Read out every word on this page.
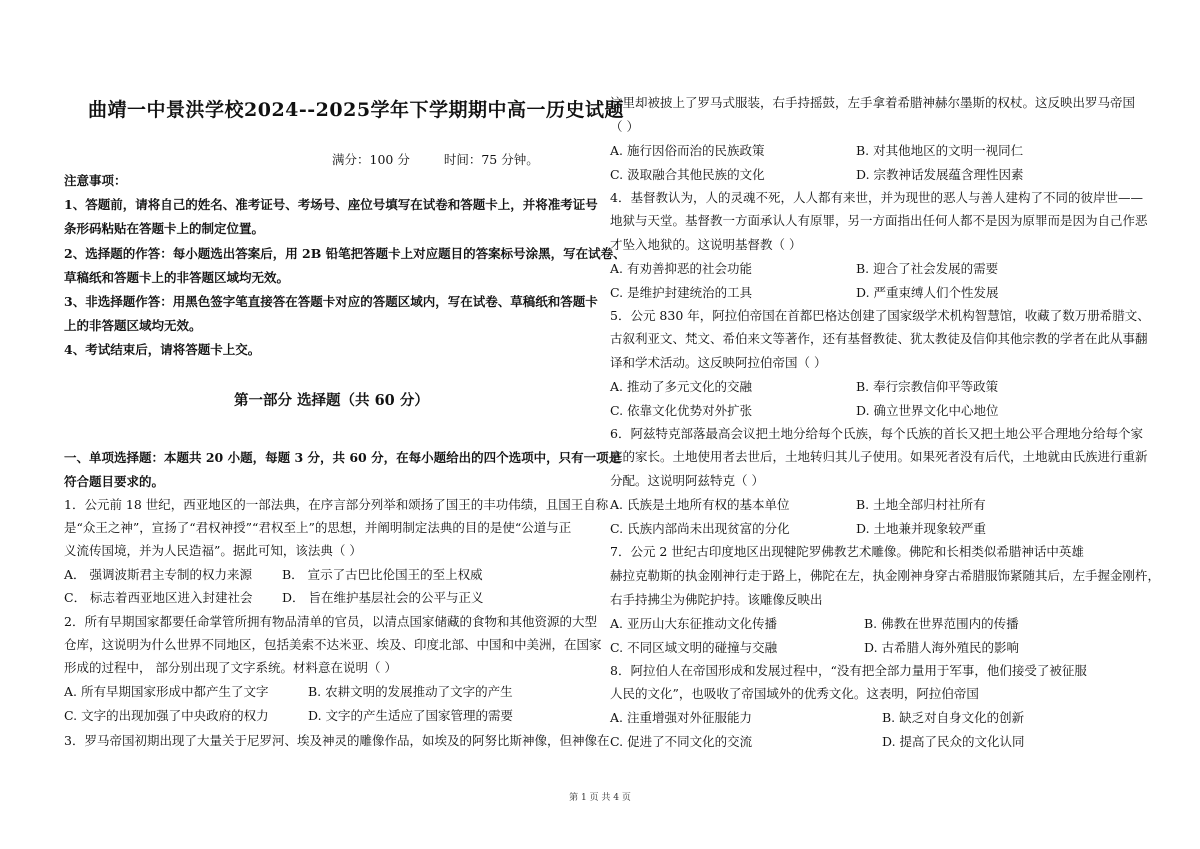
曲靖一中景洪学校2024--2025学年下学期期中高一历史试题
满分：100 分	时间：75 分钟。
注意事项：
1、答题前，请将自己的姓名、准考证号、考场号、座位号填写在试卷和答题卡上，并将准考证号
条形码粘贴在答题卡上的制定位置。
2、选择题的作答：每小题选出答案后，用 2B 铅笔把答题卡上对应题目的答案标号涂黑，写在试卷、
草稿纸和答题卡上的非答题区域均无效。
3、非选择题作答：用黑色签字笔直接答在答题卡对应的答题区域内，写在试卷、草稿纸和答题卡
上的非答题区域均无效。
4、考试结束后，请将答题卡上交。
第一部分 选择题（共 60 分）
一、单项选择题：本题共 20 小题，每题 3 分，共 60 分，在每小题给出的四个选项中，只有一项是
符合题目要求的。
1．公元前 18 世纪，西亚地区的一部法典，在序言部分列举和颂扬了国王的丰功伟绩，且国王自称
是“众王之神”，宣扬了“君权神授”“君权至上”的思想，并阐明制定法典的目的是使“公道与正
义流传国境，并为人民造福”。据此可知，该法典（ ）
A． 强调波斯君主专制的权力来源 B． 宣示了古巴比伦国王的至上权威
C． 标志着西亚地区进入封建社会 D． 旨在维护基层社会的公平与正义
2．所有早期国家都要任命掌管所拥有物品清单的官员，以清点国家储藏的食物和其他资源的大型
仓库，这说明为什么世界不同地区，包括美索不达米亚、埃及、印度北部、中国和中美洲，在国家
形成的过程中， 部分别出现了文字系统。材料意在说明（ ）
A. 所有早期国家形成中都产生了文字	B. 农耕文明的发展推动了文字的产生
C. 文字的出现加强了中央政府的权力	D. 文字的产生适应了国家管理的需要
3．罗马帝国初期出现了大量关于尼罗河、埃及神灵的雕像作品，如埃及的阿努比斯神像，但神像在
这里却被披上了罗马式服装，右手持摇鼓，左手拿着希腊神赫尔墨斯的权杖。这反映出罗马帝国
（ ）
A. 施行因俗而治的民族政策	B. 对其他地区的文明一视同仁
C. 汲取融合其他民族的文化	D. 宗教神话发展蕴含理性因素
4．基督教认为，人的灵魂不死，人人都有来世，并为现世的恶人与善人建构了不同的彼岸世——
地狱与天堂。基督教一方面承认人有原罪，另一方面指出任何人都不是因为原罪而是因为自己作恶
才坠入地狱的。这说明基督教（ ）
A. 有劝善抑恶的社会功能	B. 迎合了社会发展的需要
C. 是维护封建统治的工具	D. 严重束缚人们个性发展
5．公元 830 年，阿拉伯帝国在首都巴格达创建了国家级学术机构智慧馆，收藏了数万册希腊文、
古叙利亚文、梵文、希伯来文等著作，还有基督教徒、犹太教徒及信仰其他宗教的学者在此从事翻
译和学术活动。这反映阿拉伯帝国（ ）
A. 推动了多元文化的交融	B. 奉行宗教信仰平等政策
C. 依靠文化优势对外扩张	D. 确立世界文化中心地位
6．阿兹特克部落最高会议把土地分给每个氏族，每个氏族的首长又把土地公平合理地分给每个家
庭的家长。土地使用者去世后，土地转归其儿子使用。如果死者没有后代，土地就由氏族进行重新
分配。这说明阿兹特克（ ）
A. 氏族是土地所有权的基本单位	B. 土地全部归村社所有
C. 氏族内部尚未出现贫富的分化	D. 土地兼并现象较严重
7．公元 2 世纪古印度地区出现犍陀罗佛教艺术雕像。佛陀和长相类似希腊神话中英雄
赫拉克勒斯的执金刚神行走于路上，佛陀在左，执金刚神身穿古希腊服饰紧随其后，左手握金刚杵，
右手持拂尘为佛陀护持。该雕像反映出
A. 亚历山大东征推动文化传播	B. 佛教在世界范围内的传播
C. 不同区域文明的碰撞与交融	D. 古希腊人海外殖民的影响
8．阿拉伯人在帝国形成和发展过程中，“没有把全部力量用于军事，他们接受了被征服
人民的文化”，也吸收了帝国域外的优秀文化。这表明，阿拉伯帝国
A. 注重增强对外征服能力	B. 缺乏对自身文化的创新
C. 促进了不同文化的交流	D. 提高了民众的文化认同
第 1 页 共 4 页
